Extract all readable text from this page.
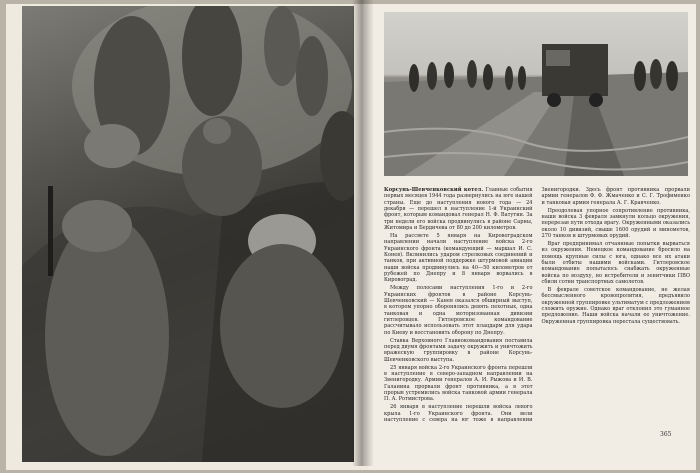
Корсунь-Шевченковский котел. Главные события первых месяцев 1944 года развернулись на юге нашей страны. Еще до наступления нового года — 24 декабря — перешел в наступление 1-й Украинский фронт, которым командовал генерал Н. Ф. Ватутин. За три недели его войска продвинулись в районе Сарны, Житомира и Бердичева от 80 до 200 километров.

На рассвете 5 января на Кировоградском направлении начали наступление войска 2-го Украинского фронта (командующий — маршал И. С. Конев). Вклинились ударом стрелковых соединений и танков, при активной поддержке штурмовой авиации наши войска продвинулись на 40—50 километров от рубежей по Днепру и 8 января ворвались в Кировоград.

Между полосами наступления 1-го и 2-го Украинских фронтов в районе Корсунь-Шевченковский — Канев оказался обширный выступ, в котором упорно оборонялись девять пехотных, одна танковая и одна моторизованная дивизии гитлеровцев. Гитлеровское командование рассчитывало использовать этот плацдарм для удара по Киеву и восстановить оборону по Днепру.

Ставка Верховного Главнокомандования поставила перед двумя фронтами задачу окружить и уничтожить вражескую группировку в районе Корсунь-Шевченковского выступа.

25 января войска 2-го Украинского фронта перешли в наступление в северо-западном направлении на Звенигородку. Армии генералов А. И. Рыжова и И. В. Галанина прорвали фронт противника, а в этот прорыв устремились войска танковой армии генерала П. А. Ротмистрова.

26 января в наступление перешли войска левого крыла 1-го Украинского фронта. Они вели наступление с севера на юг тоже в направлении Звенигородки. Здесь фронт противника прорвали армии генералов Ф. Ф. Жмаченко и С. Г. Трофименко и танковая армия генерала А. Г. Кравченко.

Преодолевая упорное сопротивление противника, наши войска 3 февраля замкнули кольцо окружения, перерезав пути отхода врагу. Окруженными оказались около 10 дивизий, свыше 1600 орудий и минометов, 270 танков и штурмовых орудий.

Враг предпринимал отчаянные попытки вырваться из окружения. Немецкое командование бросило на помощь крупные силы с юга, однако все их атаки были отбиты нашими войсками. Гитлеровское командование попыталось снабжать окруженные войска по воздуху, но истребители и зенитчики ПВО сбили сотни транспортных самолетов.

В феврале советское командование, не желая бессмысленного кровопролития, предъявило окруженной группировке ультиматум с предложением сложить оружие. Однако враг отклонил это гуманное предложение. Наши войска начали ее уничтожение. Окруженная группировка перестала существовать.

365
